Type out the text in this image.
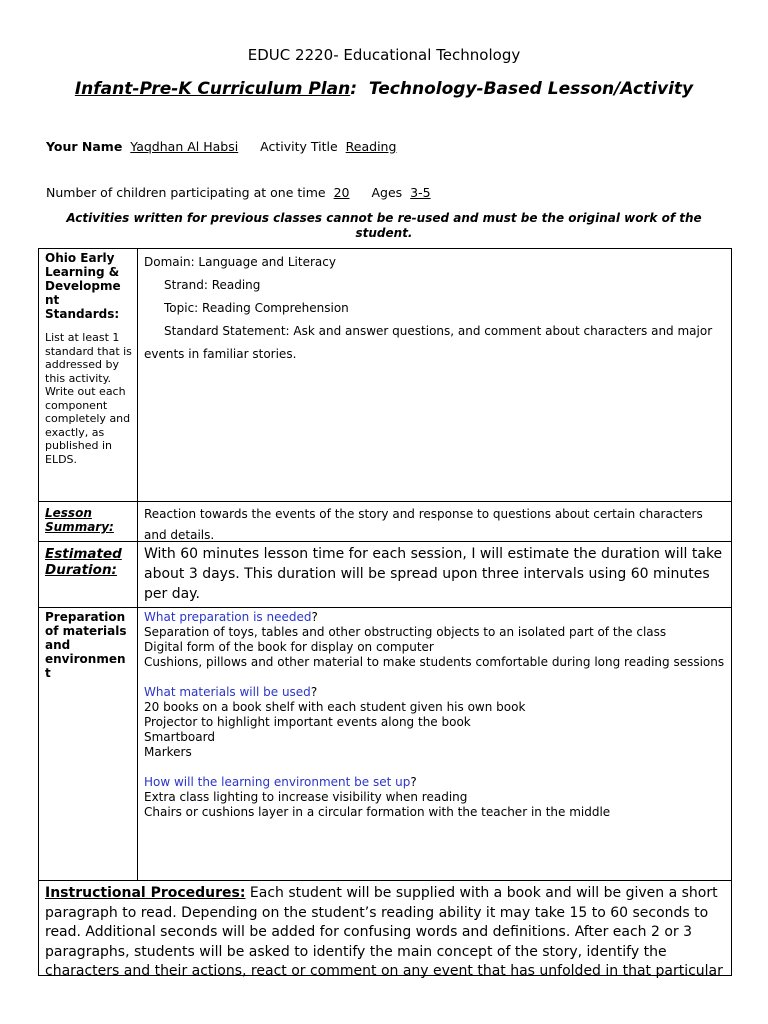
EDUC 2220- Educational Technology
Infant-Pre-K Curriculum Plan: Technology-Based Lesson/Activity
Your Name Yaqdhan Al Habsi Activity Title Reading
Number of children participating at one time 20 Ages 3-5
Activities written for previous classes cannot be re-used and must be the original work of the student.
Ohio Early Learning & Developme nt Standards:
List at least 1 standard that is addressed by this activity. Write out each component completely and exactly, as published in ELDS.

Domain: Language and Literacy

Strand: Reading

Topic: Reading Comprehension

Standard Statement: Ask and answer questions, and comment about characters and major events in familiar stories.

Lesson Summary:
Reaction towards the events of the story and response to questions about certain characters and details.
Estimated Duration:
With 60 minutes lesson time for each session, I will estimate the duration will take about 3 days. This duration will be spread upon three intervals using 60 minutes per day.
Preparation of materials and environmen t
What preparation is needed?
Separation of toys, tables and other obstructing objects to an isolated part of the class
Digital form of the book for display on computer
Cushions, pillows and other material to make students comfortable during long reading sessions
What materials will be used?
20 books on a book shelf with each student given his own book
Projector to highlight important events along the book
Smartboard
Markers
How will the learning environment be set up?
Extra class lighting to increase visibility when reading
Chairs or cushions layer in a circular formation with the teacher in the middle
Instructional Procedures: Each student will be supplied with a book and will be given a short paragraph to read. Depending on the student’s reading ability it may take 15 to 60 seconds to read. Additional seconds will be added for confusing words and definitions. After each 2 or 3 paragraphs, students will be asked to identify the main concept of the story, identify the characters and their actions, react or comment on any event that has unfolded in that particular
